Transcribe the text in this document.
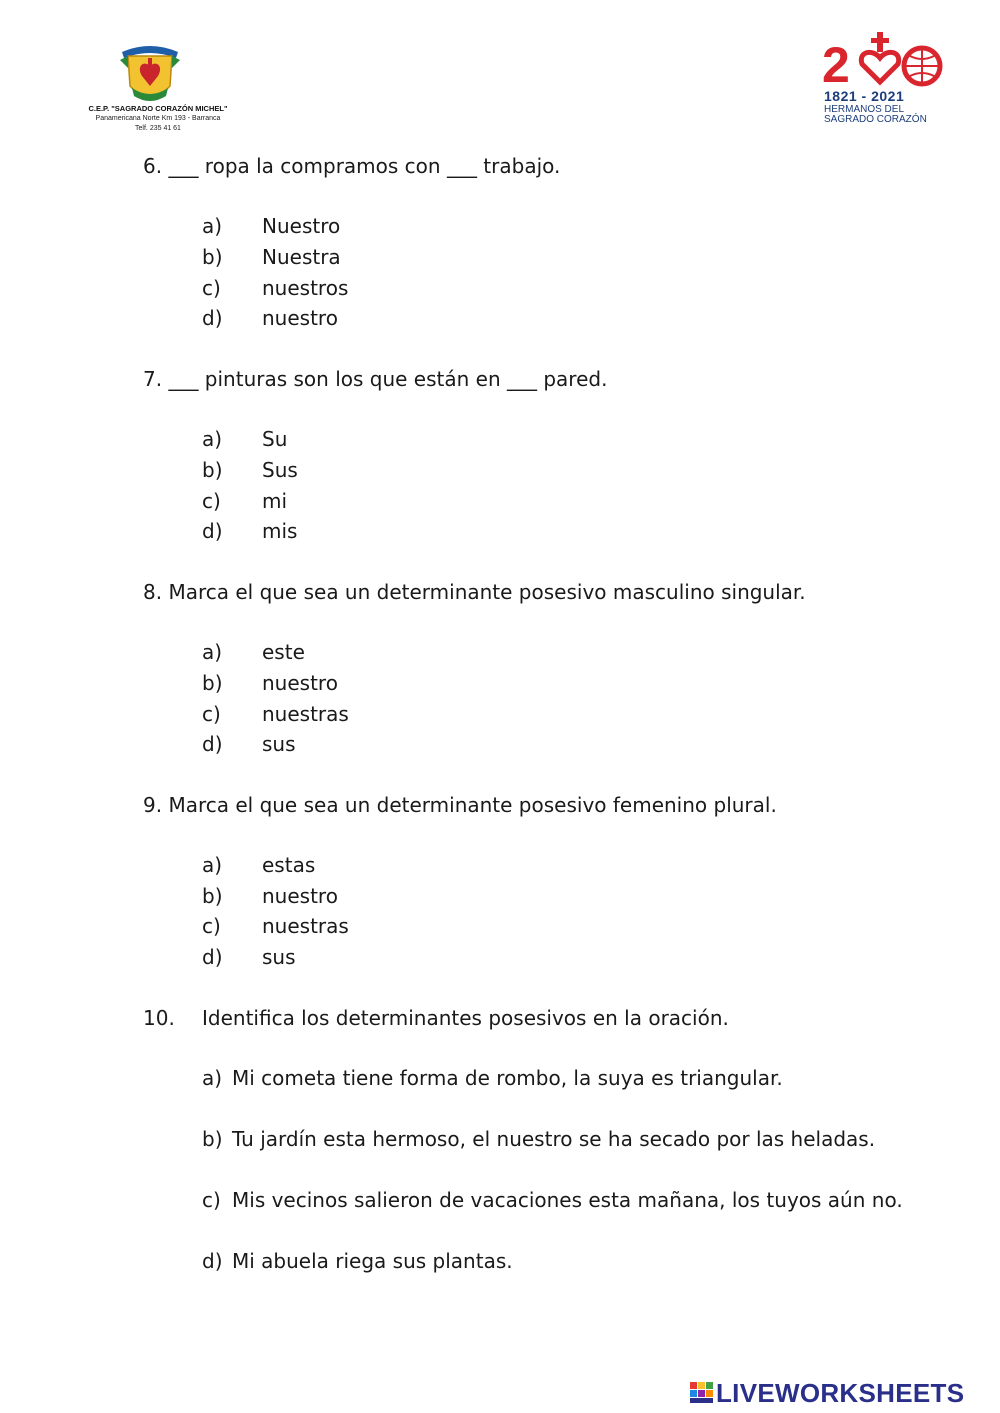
C.E.P. "SAGRADO CORAZÓN MICHEL"
Panamericana Norte Km 193 - Barranca
Telf. 235 41 61
2
1821 - 2021
HERMANOS DEL
SAGRADO CORAZÓN
6. ___ ropa la compramos con ___ trabajo.
a) Nuestro
b) Nuestra
c) nuestros
d) nuestro
7. ___ pinturas son los que están en ___ pared.
a) Su
b) Sus
c) mi
d) mis
8. Marca el que sea un determinante posesivo masculino singular.
a) este
b) nuestro
c) nuestras
d) sus
9. Marca el que sea un determinante posesivo femenino plural.
a) estas
b) nuestro
c) nuestras
d) sus
10. Identifica los determinantes posesivos en la oración.
a) Mi cometa tiene forma de rombo, la suya es triangular.
b) Tu jardín esta hermoso, el nuestro se ha secado por las heladas.
c) Mis vecinos salieron de vacaciones esta mañana, los tuyos aún no.
d) Mi abuela riega sus plantas.
LIVEWORKSHEETS
